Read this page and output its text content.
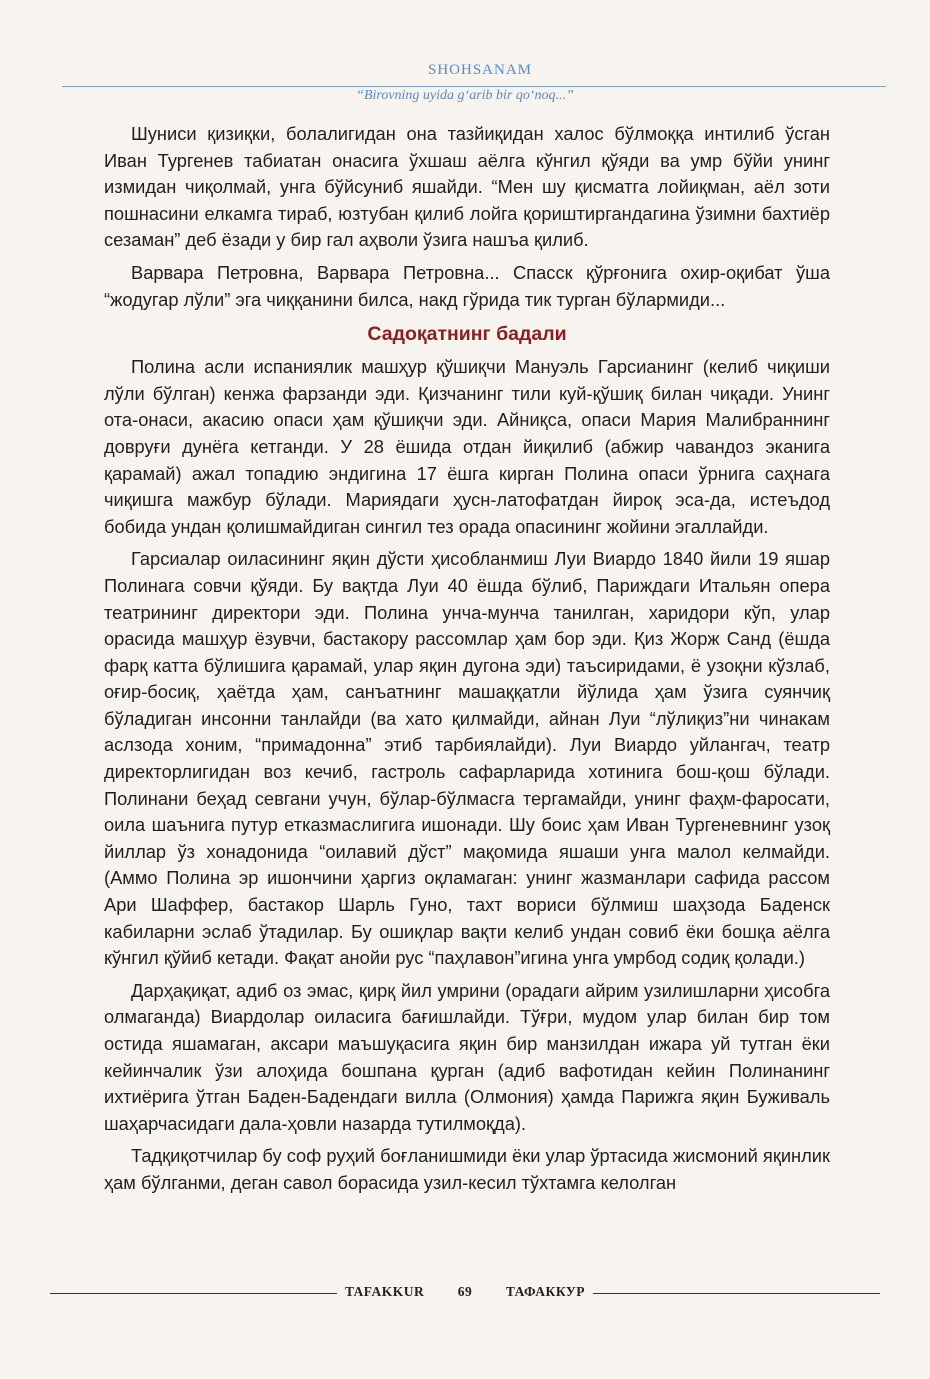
SHOHSANAM
“Birovning uyida g‘arib bir qo‘noq...”

Шуниси қизиқки, болалигидан она тазйиқидан халос бўлмоққа интилиб ўсган Иван Тургенев табиатан онасига ўхшаш аёлга кўнгил қўяди ва умр бўйи унинг измидан чиқолмай, унга бўйсуниб яшайди. “Мен шу қисматга лойиқман, аёл зоти пошнасини елкамга тираб, юзтубан қилиб лойга қориштиргандагина ўзимни бахтиёр сезаман” деб ёзади у бир гал аҳволи ўзига нашъа қилиб.

Варвара Петровна, Варвара Петровна... Спасск қўрғонига охир-оқибат ўша “жодугар лўли” эга чиққанини билса, накд гўрида тик турган бўлармиди...

Садоқатнинг бадали

Полина асли испаниялик машҳур қўшиқчи Мануэль Гарсианинг (келиб чиқиши лўли бўлган) кенжа фарзанди эди. Қизчанинг тили куй-қўшиқ билан чиқади. Унинг ота-онаси, акасию опаси ҳам қўшиқчи эди. Айниқса, опаси Мария Малибраннинг довруғи дунёга кетганди. У 28 ёшида отдан йиқилиб (абжир чавандоз эканига қарамай) ажал топадию эндигина 17 ёшга кирган Полина опаси ўрнига саҳнага чиқишга мажбур бўлади. Мариядаги ҳусн-латофатдан йироқ эса-да, истеъдод бобида ундан қолишмайдиган сингил тез орада опасининг жойини эгаллайди.

Гарсиалар оиласининг яқин дўсти ҳисобланмиш Луи Виардо 1840 йили 19 яшар Полинага совчи қўяди. Бу вақтда Луи 40 ёшда бўлиб, Париждаги Итальян опера театрининг директори эди. Полина унча-мунча танилган, харидори кўп, улар орасида машҳур ёзувчи, бастакору рассомлар ҳам бор эди. Қиз Жорж Санд (ёшда фарқ катта бўлишига қарамай, улар яқин дугона эди) таъсиридами, ё узоқни кўзлаб, оғир-босиқ, ҳаётда ҳам, санъатнинг машаққатли йўлида ҳам ўзига суянчиқ бўладиган инсонни танлайди (ва хато қилмайди, айнан Луи “лўлиқиз”ни чинакам аслзода хоним, “примадонна” этиб тарбиялайди). Луи Виардо уйлангач, театр директорлигидан воз кечиб, гастроль сафарларида хотинига бош-қош бўлади. Полинани беҳад севгани учун, бўлар-бўлмасга тергамайди, унинг фаҳм-фаросати, оила шаънига путур етказмаслигига ишонади. Шу боис ҳам Иван Тургеневнинг узоқ йиллар ўз хонадонида “оилавий дўст” мақомида яшаши унга малол келмайди. (Аммо Полина эр ишончини ҳаргиз оқламаган: унинг жазманлари сафида рассом Ари Шаффер, бастакор Шарль Гуно, тахт вориси бўлмиш шаҳзода Баденск кабиларни эслаб ўтадилар. Бу ошиқлар вақти келиб ундан совиб ёки бошқа аёлга кўнгил қўйиб кетади. Фақат анойи рус “паҳлавон”игина унга умрбод содиқ қолади.)

Дарҳақиқат, адиб оз эмас, қирқ йил умрини (орадаги айрим узилишларни ҳисобга олмаганда) Виардолар оиласига бағишлайди. Тўғри, мудом улар билан бир том остида яшамаган, аксари маъшуқасига яқин бир манзилдан ижара уй тутган ёки кейинчалик ўзи алоҳида бошпана қурган (адиб вафотидан кейин Полинанинг ихтиёрига ўтган Баден-Бадендаги вилла (Олмония) ҳамда Парижга яқин Буживаль шаҳарчасидаги дала-ҳовли назарда тутилмоқда).

Тадқиқотчилар бу соф руҳий боғланишмиди ёки улар ўртасида жисмоний яқинлик ҳам бўлганми, деган савол борасида узил-кесил тўхтамга келолган

TAFAKKUR 69 ТАФАККУР
